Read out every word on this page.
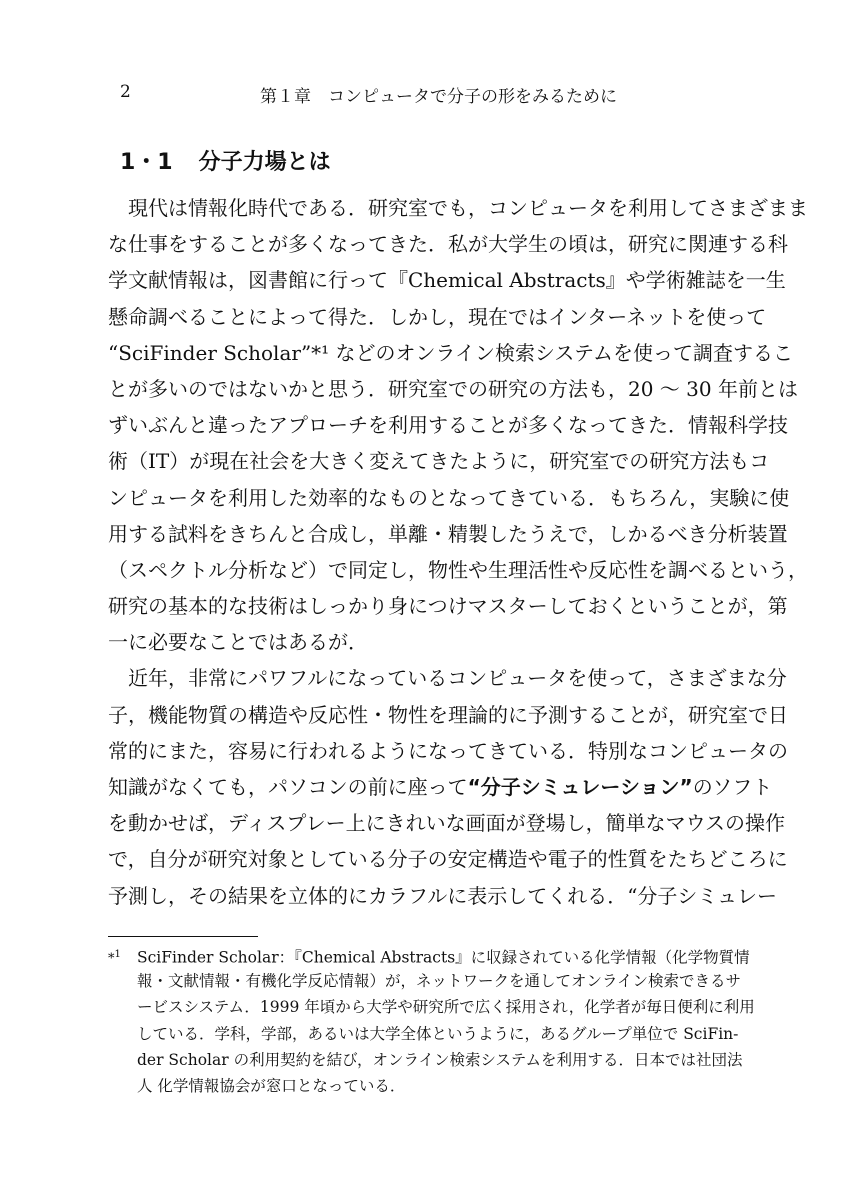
2	第１章　コンピュータで分子の形をみるために
1・1 分子力場とは
　現代は情報化時代である．研究室でも，コンピュータを利用してさまざまま
な仕事をすることが多くなってきた．私が大学生の頃は，研究に関連する科
学文献情報は，図書館に行って『Chemical Abstracts』や学術雑誌を一生
懸命調べることによって得た．しかし，現在ではインターネットを使って
“SciFinder Scholar”*¹ などのオンライン検索システムを使って調査するこ
とが多いのではないかと思う．研究室での研究の方法も，20 ～ 30 年前とは
ずいぶんと違ったアプローチを利用することが多くなってきた．情報科学技
術（IT）が現在社会を大きく変えてきたように，研究室での研究方法もコ
ンピュータを利用した効率的なものとなってきている．もちろん，実験に使
用する試料をきちんと合成し，単離・精製したうえで，しかるべき分析装置
（スペクトル分析など）で同定し，物性や生理活性や反応性を調べるという，
研究の基本的な技術はしっかり身につけマスターしておくということが，第
一に必要なことではあるが．
　近年，非常にパワフルになっているコンピュータを使って，さまざまな分
子，機能物質の構造や反応性・物性を理論的に予測することが，研究室で日
常的にまた，容易に行われるようになってきている．特別なコンピュータの
知識がなくても，パソコンの前に座って“分子シミュレーション”のソフト
を動かせば，ディスプレー上にきれいな画面が登場し，簡単なマウスの操作
で，自分が研究対象としている分子の安定構造や電子的性質をたちどころに
予測し，その結果を立体的にカラフルに表示してくれる．“分子シミュレー
*$^1$ SciFinder Scholar：『Chemical Abstracts』に収録されている化学情報（化学物質情
報・文献情報・有機化学反応情報）が，ネットワークを通してオンライン検索できるサ
ービスシステム．1999 年頃から大学や研究所で広く採用され，化学者が毎日便利に利用
している．学科，学部，あるいは大学全体というように，あるグループ単位で SciFin-
der Scholar の利用契約を結び，オンライン検索システムを利用する．日本では社団法
人 化学情報協会が窓口となっている．
